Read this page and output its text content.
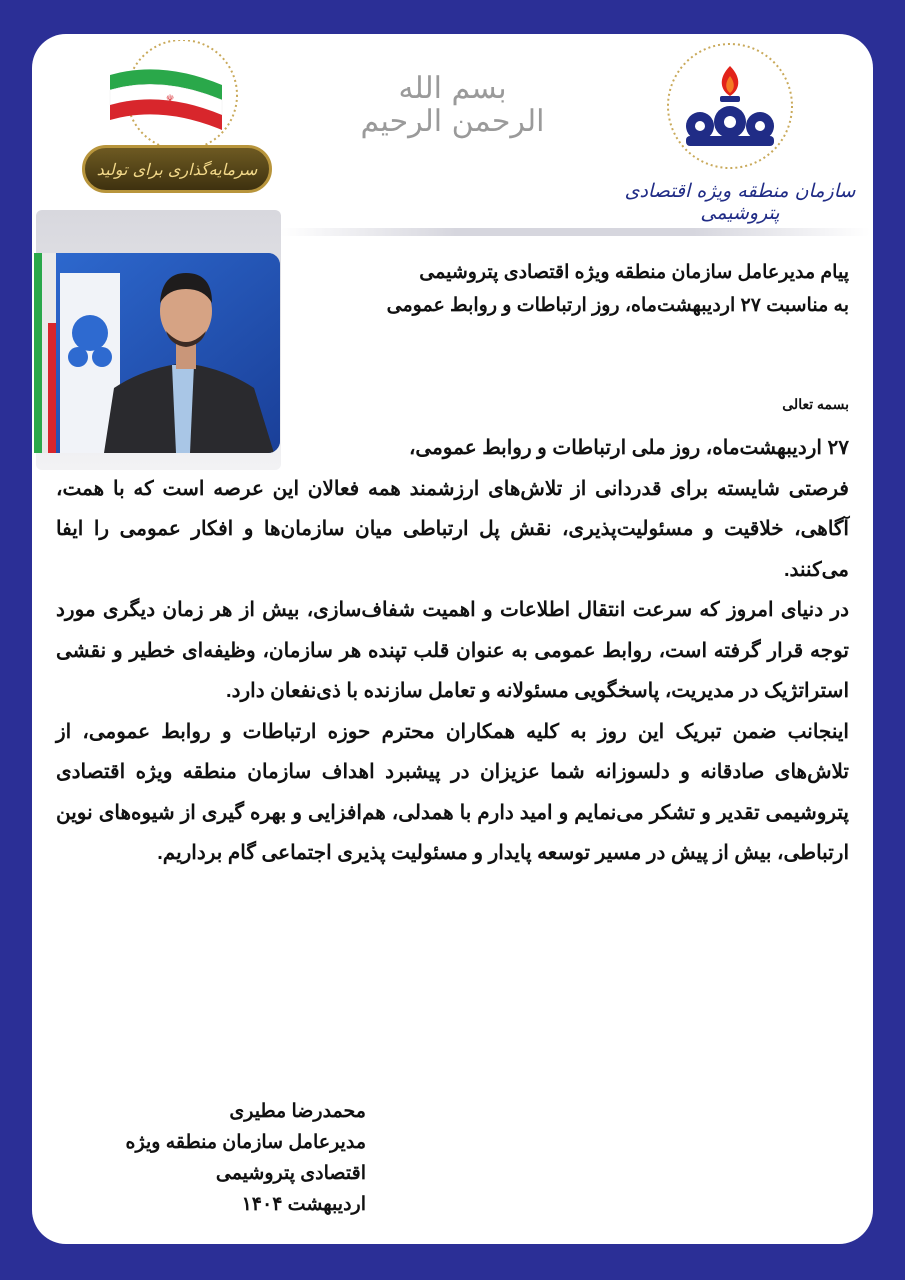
☫
سرمایه‌گذاری برای تولید
بسم الله الرحمن الرحیم
سازمان منطقه ویژه اقتصادی پتروشیمی
پیام مدیرعامل سازمان منطقه ویژه اقتصادی پتروشیمی
به مناسبت ۲۷ اردیبهشت‌ماه، روز ارتباطات و روابط عمومی
بسمه تعالی

۲۷ اردیبهشت‌ماه، روز ملی ارتباطات و روابط عمومی،

فرصتی شایسته برای قدردانی از تلاش‌های ارزشمند همه فعالان این عرصه است که با همت، آگاهی، خلاقیت و مسئولیت‌پذیری، نقش پل ارتباطی میان سازمان‌ها و افکار عمومی را ایفا می‌کنند.

در دنیای امروز که سرعت انتقال اطلاعات و اهمیت شفاف‌سازی، بیش از هر زمان دیگری مورد توجه قرار گرفته است، روابط عمومی به عنوان قلب تپنده هر سازمان، وظیفه‌ای خطیر و نقشی استراتژیک در مدیریت، پاسخگویی مسئولانه و تعامل سازنده با ذی‌نفعان دارد.

اینجانب ضمن تبریک این روز به کلیه همکاران محترم حوزه ارتباطات و روابط عمومی، از تلاش‌های صادقانه و دلسوزانه شما عزیزان در پیشبرد اهداف سازمان منطقه ویژه اقتصادی پتروشیمی تقدیر و تشکر می‌نمایم و امید دارم با همدلی، هم‌افزایی و بهره گیری از شیوه‌های نوین ارتباطی، بیش از پیش در مسیر توسعه پایدار و مسئولیت پذیری اجتماعی گام برداریم.

محمدرضا مطیری
مدیرعامل سازمان منطقه ویژه اقتصادی پتروشیمی
اردیبهشت ۱۴۰۴
